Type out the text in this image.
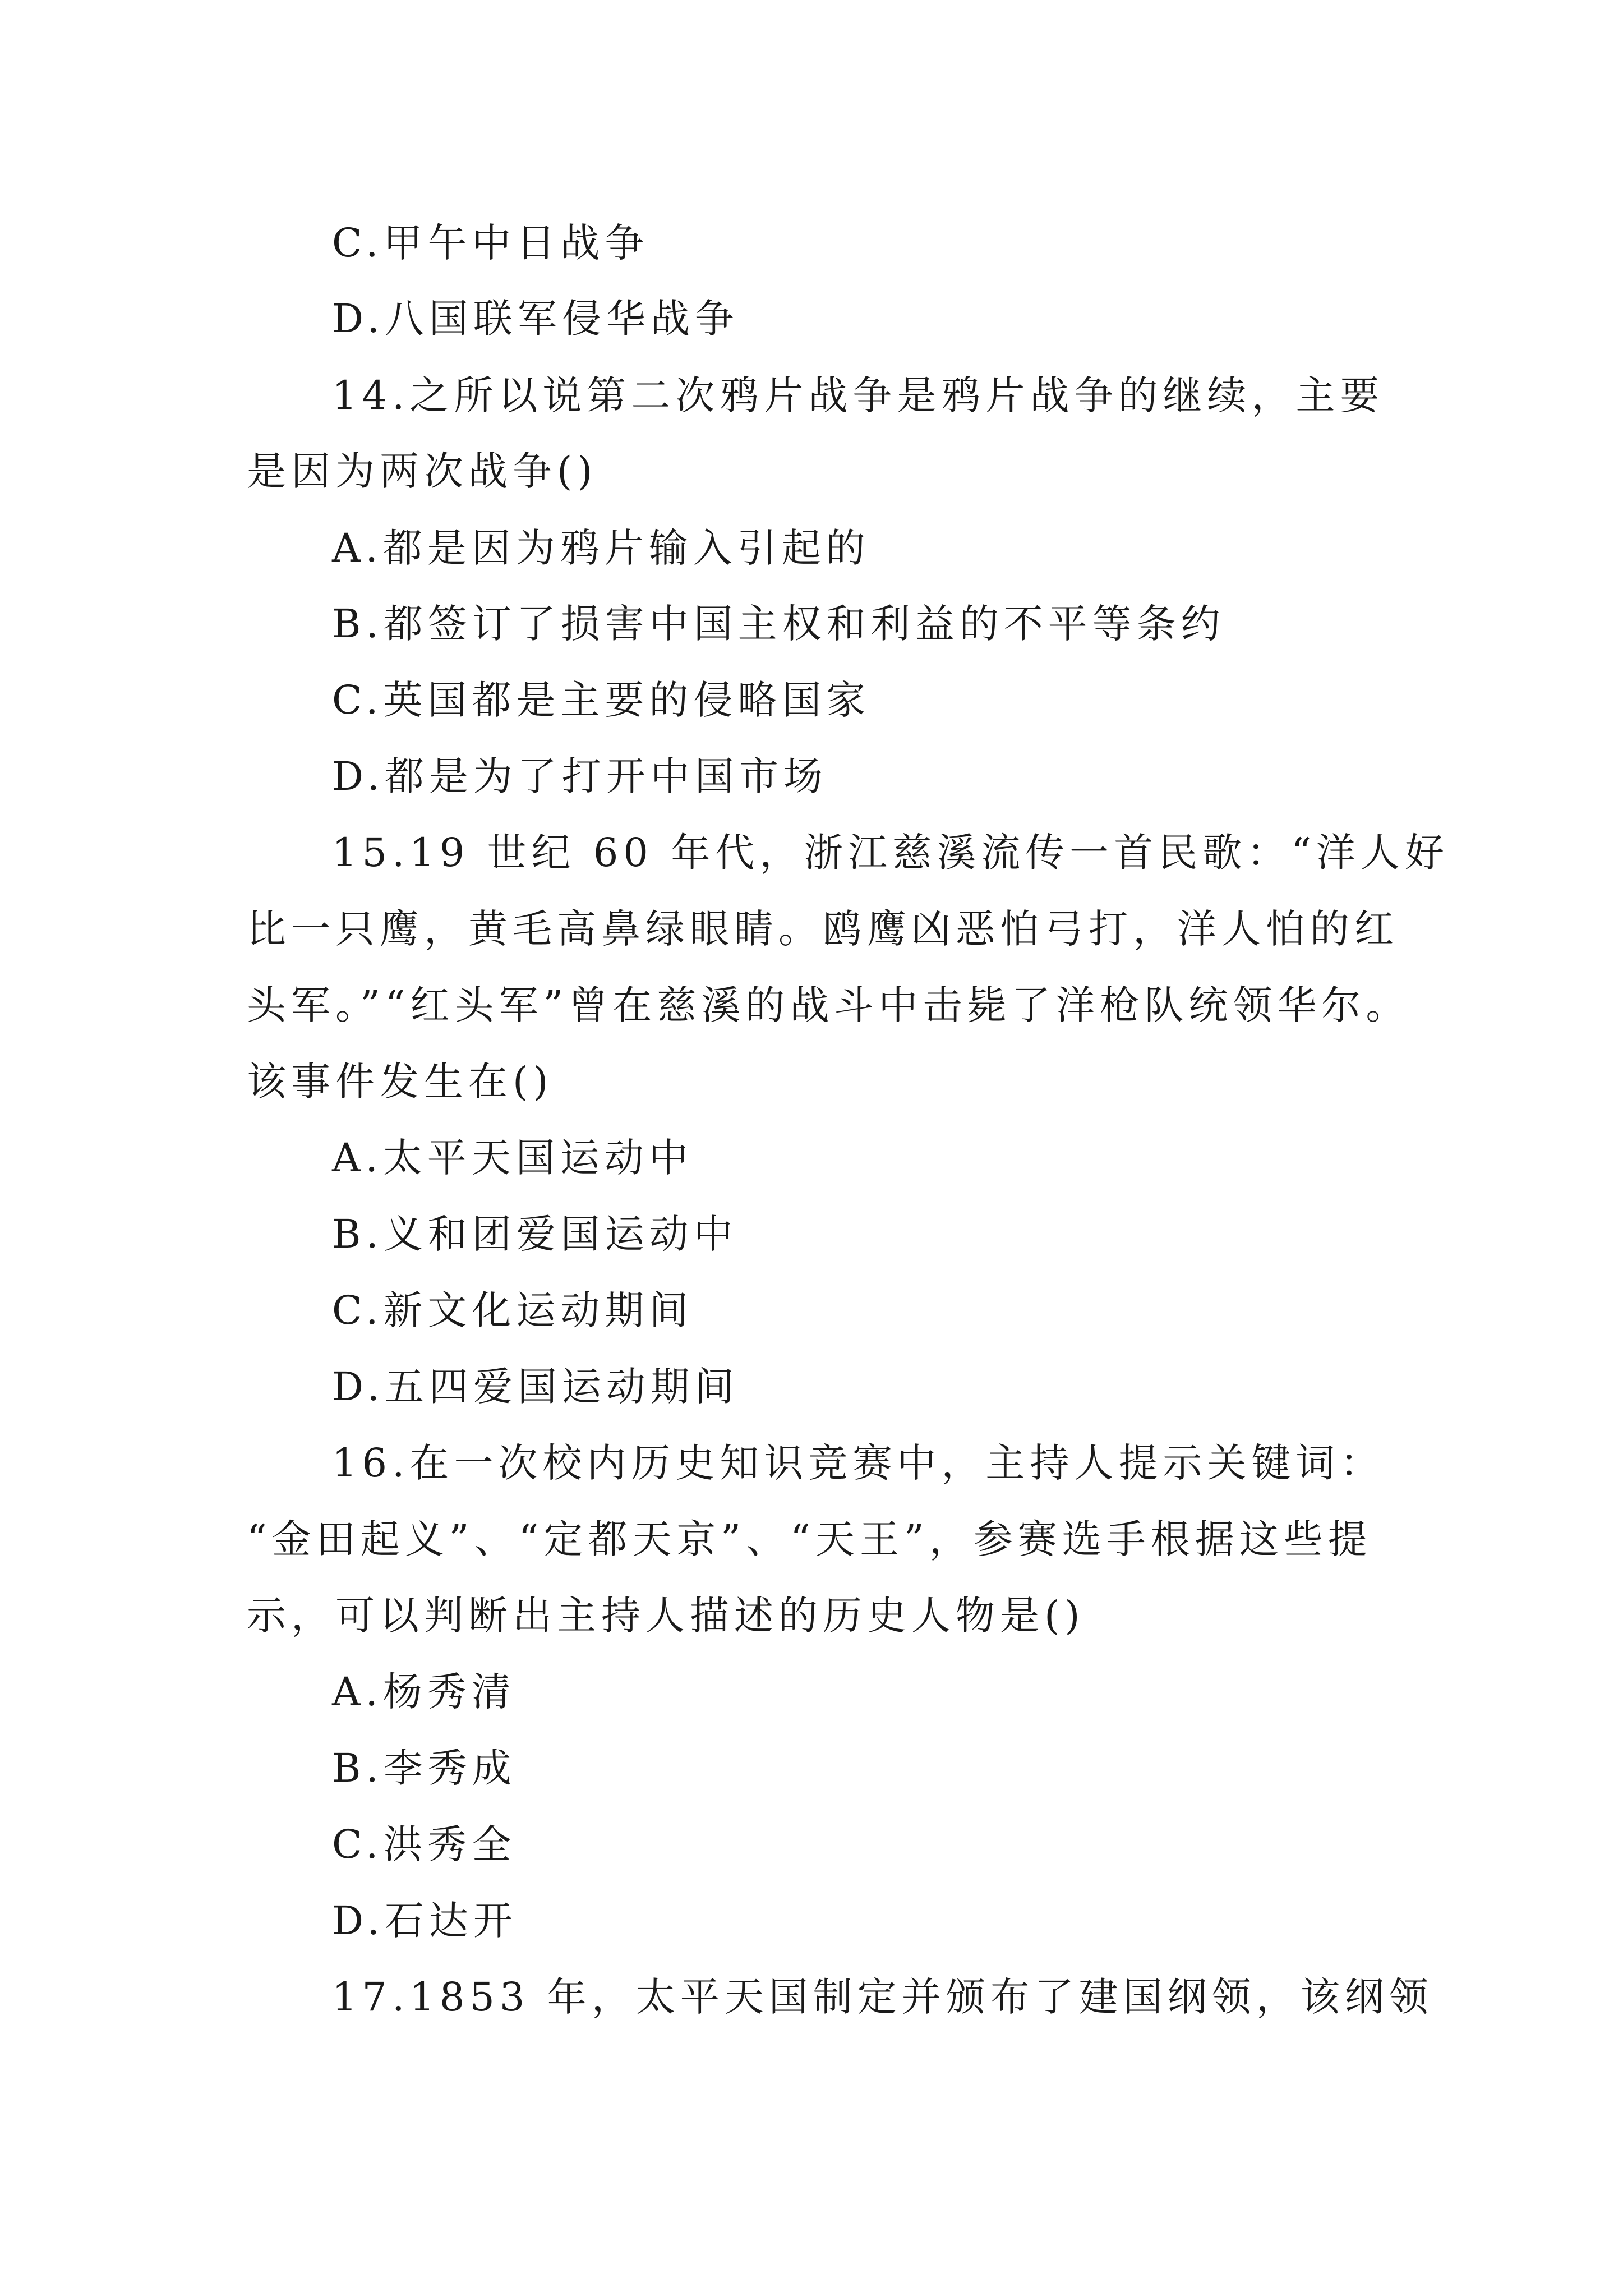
C.甲午中日战争
D.八国联军侵华战争
14.之所以说第二次鸦片战争是鸦片战争的继续，主要
是因为两次战争()
A.都是因为鸦片输入引起的
B.都签订了损害中国主权和利益的不平等条约
C.英国都是主要的侵略国家
D.都是为了打开中国市场
15.19 世纪 60 年代，浙江慈溪流传一首民歌：“洋人好
比一只鹰，黄毛高鼻绿眼睛。鸥鹰凶恶怕弓打，洋人怕的红
头军。”“红头军”曾在慈溪的战斗中击毙了洋枪队统领华尔。
该事件发生在()
A.太平天国运动中
B.义和团爱国运动中
C.新文化运动期间
D.五四爱国运动期间
16.在一次校内历史知识竞赛中，主持人提示关键词：
“金田起义”、“定都天京”、“天王”，参赛选手根据这些提
示，可以判断出主持人描述的历史人物是()
A.杨秀清
B.李秀成
C.洪秀全
D.石达开
17.1853 年，太平天国制定并颁布了建国纲领，该纲领
